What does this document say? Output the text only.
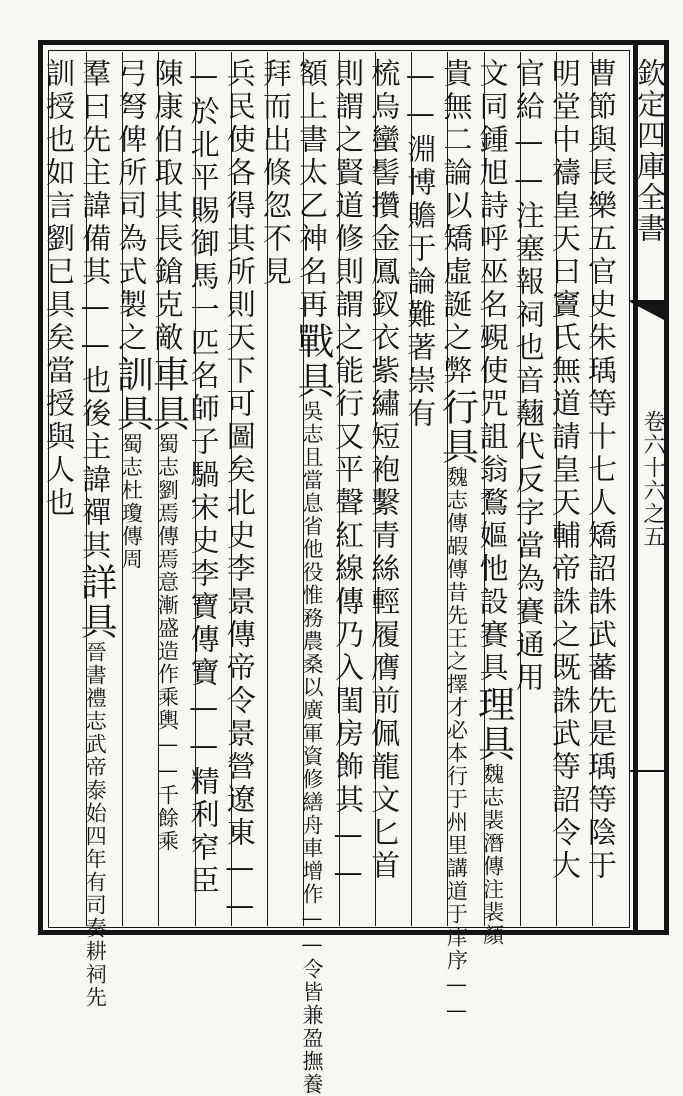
欽定四庫全書
卷六十六之五
曹節與長樂五官史朱瑀等十七人矯詔誅武蕃先是瑀等陰于
明堂中禱皇天曰竇氏無道請皇天輔帝誅之既誅武等詔令大
官給——注塞報祠也音𧄍代反字當為賽通用
文同鍾旭詩呼巫名覡使咒詛翁鶩嫗忚設賽具理具魏志裴潛傳注裴顏
貴無二論以矯虛誕之弊行具魏志傳嘏傳昔先王之擇才必本行于州里講道于庠序——
——淵博贍于論難著崇有
梳烏蠻髻攢金鳳釵衣紫繡短袍繫青絲輕履膺前佩龍文匕首
則謂之賢道修則謂之能行又平聲紅線傳乃入閨房飾其——
額上書太乙神名再戰具吳志且當息省他役惟務農桑以廣軍資修繕舟車增作——令皆兼盈撫養
拜而出倏忽不見
兵民使各得其所則天下可圖矣北史李景傳帝令景營遼東——
—於北平賜御馬一匹名師子騧宋史李寶傳寶——精利窄臣
陳康伯取其長鎗克敵車具蜀志劉焉傳焉意漸盛造作乘輿——千餘乘
弓弩俾所司為式製之訓具蜀志杜瓊傳周
羣曰先主諱備其——也後主諱禪其詳具晉書禮志武帝泰始四年有司奏耕祠先
訓授也如言劉已具矣當授與人也
